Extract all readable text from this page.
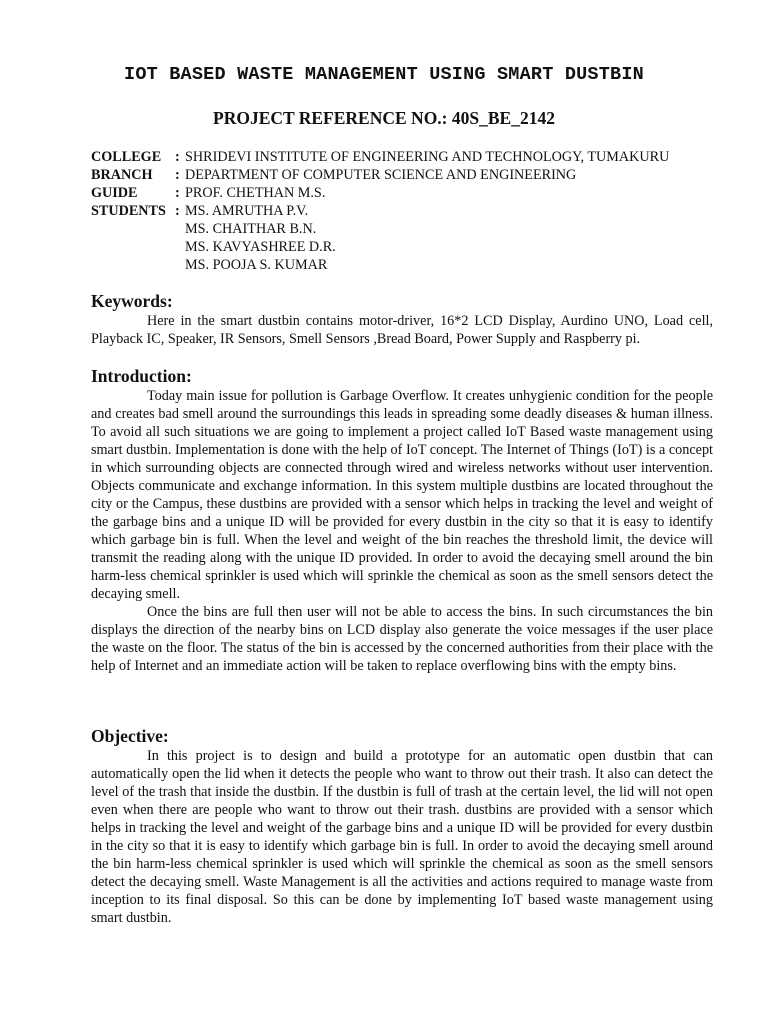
IOT BASED WASTE MANAGEMENT USING SMART DUSTBIN
PROJECT REFERENCE NO.: 40S_BE_2142
COLLEGE : SHRIDEVI INSTITUTE OF ENGINEERING AND TECHNOLOGY, TUMAKURU
BRANCH	: DEPARTMENT OF COMPUTER SCIENCE AND ENGINEERING
GUIDE	: PROF. CHETHAN M.S.
STUDENTS : MS. AMRUTHA P.V.
MS. CHAITHAR B.N.
MS. KAVYASHREE D.R.
MS. POOJA S. KUMAR

Keywords:

Here in the smart dustbin contains motor-driver, 16*2 LCD Display, Aurdino UNO, Load cell, Playback IC, Speaker, IR Sensors, Smell Sensors ,Bread Board, Power Supply and Raspberry pi.

Introduction:

Today main issue for pollution is Garbage Overflow. It creates unhygienic condition for the people and creates bad smell around the surroundings this leads in spreading some deadly diseases & human illness. To avoid all such situations we are going to implement a project called IoT Based waste management using smart dustbin. Implementation is done with the help of IoT concept. The Internet of Things (IoT) is a concept in which surrounding objects are connected through wired and wireless networks without user intervention. Objects communicate and exchange information. In this system multiple dustbins are located throughout the city or the Campus, these dustbins are provided with a sensor which helps in tracking the level and weight of the garbage bins and a unique ID will be provided for every dustbin in the city so that it is easy to identify which garbage bin is full. When the level and weight of the bin reaches the threshold limit, the device will transmit the reading along with the unique ID provided. In order to avoid the decaying smell around the bin harm-less chemical sprinkler is used which will sprinkle the chemical as soon as the smell sensors detect the decaying smell.

Once the bins are full then user will not be able to access the bins. In such circumstances the bin displays the direction of the nearby bins on LCD display also generate the voice messages if the user place the waste on the floor. The status of the bin is accessed by the concerned authorities from their place with the help of Internet and an immediate action will be taken to replace overflowing bins with the empty bins.

Objective:

In this project is to design and build a prototype for an automatic open dustbin that can automatically open the lid when it detects the people who want to throw out their trash. It also can detect the level of the trash that inside the dustbin. If the dustbin is full of trash at the certain level, the lid will not open even when there are people who want to throw out their trash. dustbins are provided with a sensor which helps in tracking the level and weight of the garbage bins and a unique ID will be provided for every dustbin in the city so that it is easy to identify which garbage bin is full. In order to avoid the decaying smell around the bin harm-less chemical sprinkler is used which will sprinkle the chemical as soon as the smell sensors detect the decaying smell. Waste Management is all the activities and actions required to manage waste from inception to its final disposal. So this can be done by implementing IoT based waste management using smart dustbin.
